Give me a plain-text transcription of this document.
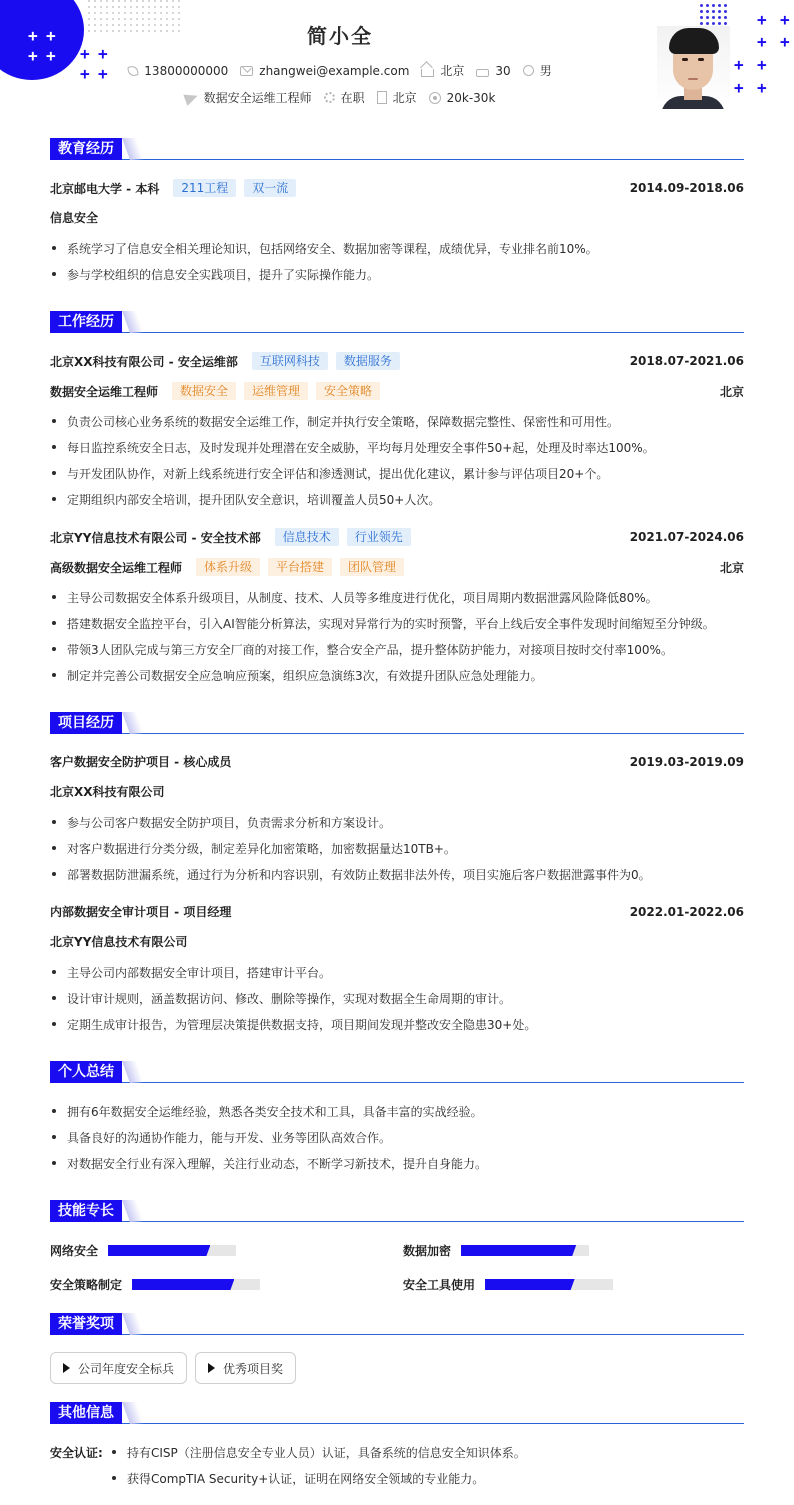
+ +
+ + + +
+ +
+ +
+ +
+ +
+ +
简小全
13800000000	zhangwei@example.com	北京	30 男
数据安全运维工程师 在职 北京	20k-30k
教育经历
北京邮电大学 - 本科	211工程	双一流	2014.09-2018.06
信息安全
系统学习了信息安全相关理论知识，包括网络安全、数据加密等课程，成绩优异，专业排名前10%。
参与学校组织的信息安全实践项目，提升了实际操作能力。
工作经历
北京XX科技有限公司 - 安全运维部	互联网科技	数据服务	2018.07-2021.06
数据安全运维工程师	数据安全	运维管理	安全策略	北京
负责公司核心业务系统的数据安全运维工作，制定并执行安全策略，保障数据完整性、保密性和可用性。
每日监控系统安全日志，及时发现并处理潜在安全威胁，平均每月处理安全事件50+起，处理及时率达100%。
与开发团队协作，对新上线系统进行安全评估和渗透测试，提出优化建议，累计参与评估项目20+个。
定期组织内部安全培训，提升团队安全意识，培训覆盖人员50+人次。
北京YY信息技术有限公司 - 安全技术部	信息技术	行业领先	2021.07-2024.06
高级数据安全运维工程师	体系升级	平台搭建	团队管理	北京
主导公司数据安全体系升级项目，从制度、技术、人员等多维度进行优化，项目周期内数据泄露风险降低80%。
搭建数据安全监控平台，引入AI智能分析算法，实现对异常行为的实时预警，平台上线后安全事件发现时间缩短至分钟级。
带领3人团队完成与第三方安全厂商的对接工作，整合安全产品，提升整体防护能力，对接项目按时交付率100%。
制定并完善公司数据安全应急响应预案，组织应急演练3次，有效提升团队应急处理能力。
项目经历
客户数据安全防护项目 - 核心成员	2019.03-2019.09
北京XX科技有限公司
参与公司客户数据安全防护项目，负责需求分析和方案设计。
对客户数据进行分类分级，制定差异化加密策略，加密数据量达10TB+。
部署数据防泄漏系统，通过行为分析和内容识别，有效防止数据非法外传，项目实施后客户数据泄露事件为0。
内部数据安全审计项目 - 项目经理	2022.01-2022.06
北京YY信息技术有限公司
主导公司内部数据安全审计项目，搭建审计平台。
设计审计规则，涵盖数据访问、修改、删除等操作，实现对数据全生命周期的审计。
定期生成审计报告，为管理层决策提供数据支持，项目期间发现并整改安全隐患30+处。
个人总结
拥有6年数据安全运维经验，熟悉各类安全技术和工具，具备丰富的实战经验。
具备良好的沟通协作能力，能与开发、业务等团队高效合作。
对数据安全行业有深入理解，关注行业动态，不断学习新技术，提升自身能力。
技能专长
网络安全	数据加密
安全策略制定	安全工具使用
荣誉奖项
公司年度安全标兵	优秀项目奖
其他信息
安全认证:	持有CISP（注册信息安全专业人员）认证，具备系统的信息安全知识体系。
获得CompTIA Security+认证，证明在网络安全领域的专业能力。
